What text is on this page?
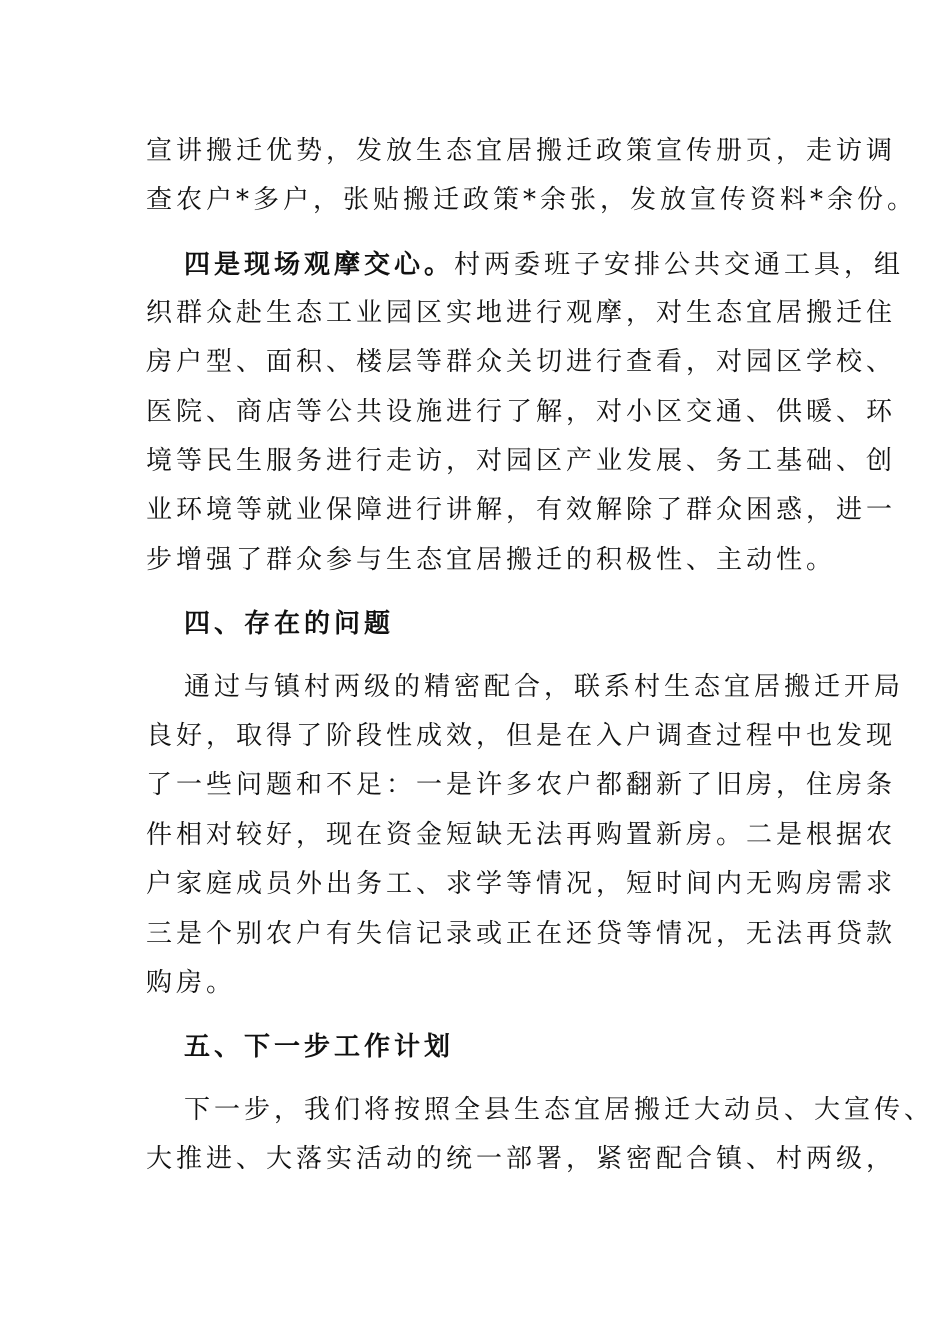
宣讲搬迁优势，发放生态宜居搬迁政策宣传册页，走访调
查农户*多户，张贴搬迁政策*余张，发放宣传资料*余份。
四是现场观摩交心。村两委班子安排公共交通工具，组
织群众赴生态工业园区实地进行观摩，对生态宜居搬迁住
房户型、面积、楼层等群众关切进行查看，对园区学校、
医院、商店等公共设施进行了解，对小区交通、供暖、环
境等民生服务进行走访，对园区产业发展、务工基础、创
业环境等就业保障进行讲解，有效解除了群众困惑，进一
步增强了群众参与生态宜居搬迁的积极性、主动性。
四、存在的问题
通过与镇村两级的精密配合，联系村生态宜居搬迁开局
良好，取得了阶段性成效，但是在入户调查过程中也发现
了一些问题和不足：一是许多农户都翻新了旧房，住房条
件相对较好，现在资金短缺无法再购置新房。二是根据农
户家庭成员外出务工、求学等情况，短时间内无购房需求
三是个别农户有失信记录或正在还贷等情况，无法再贷款
购房。
五、下一步工作计划
下一步，我们将按照全县生态宜居搬迁大动员、大宣传、
大推进、大落实活动的统一部署，紧密配合镇、村两级，
